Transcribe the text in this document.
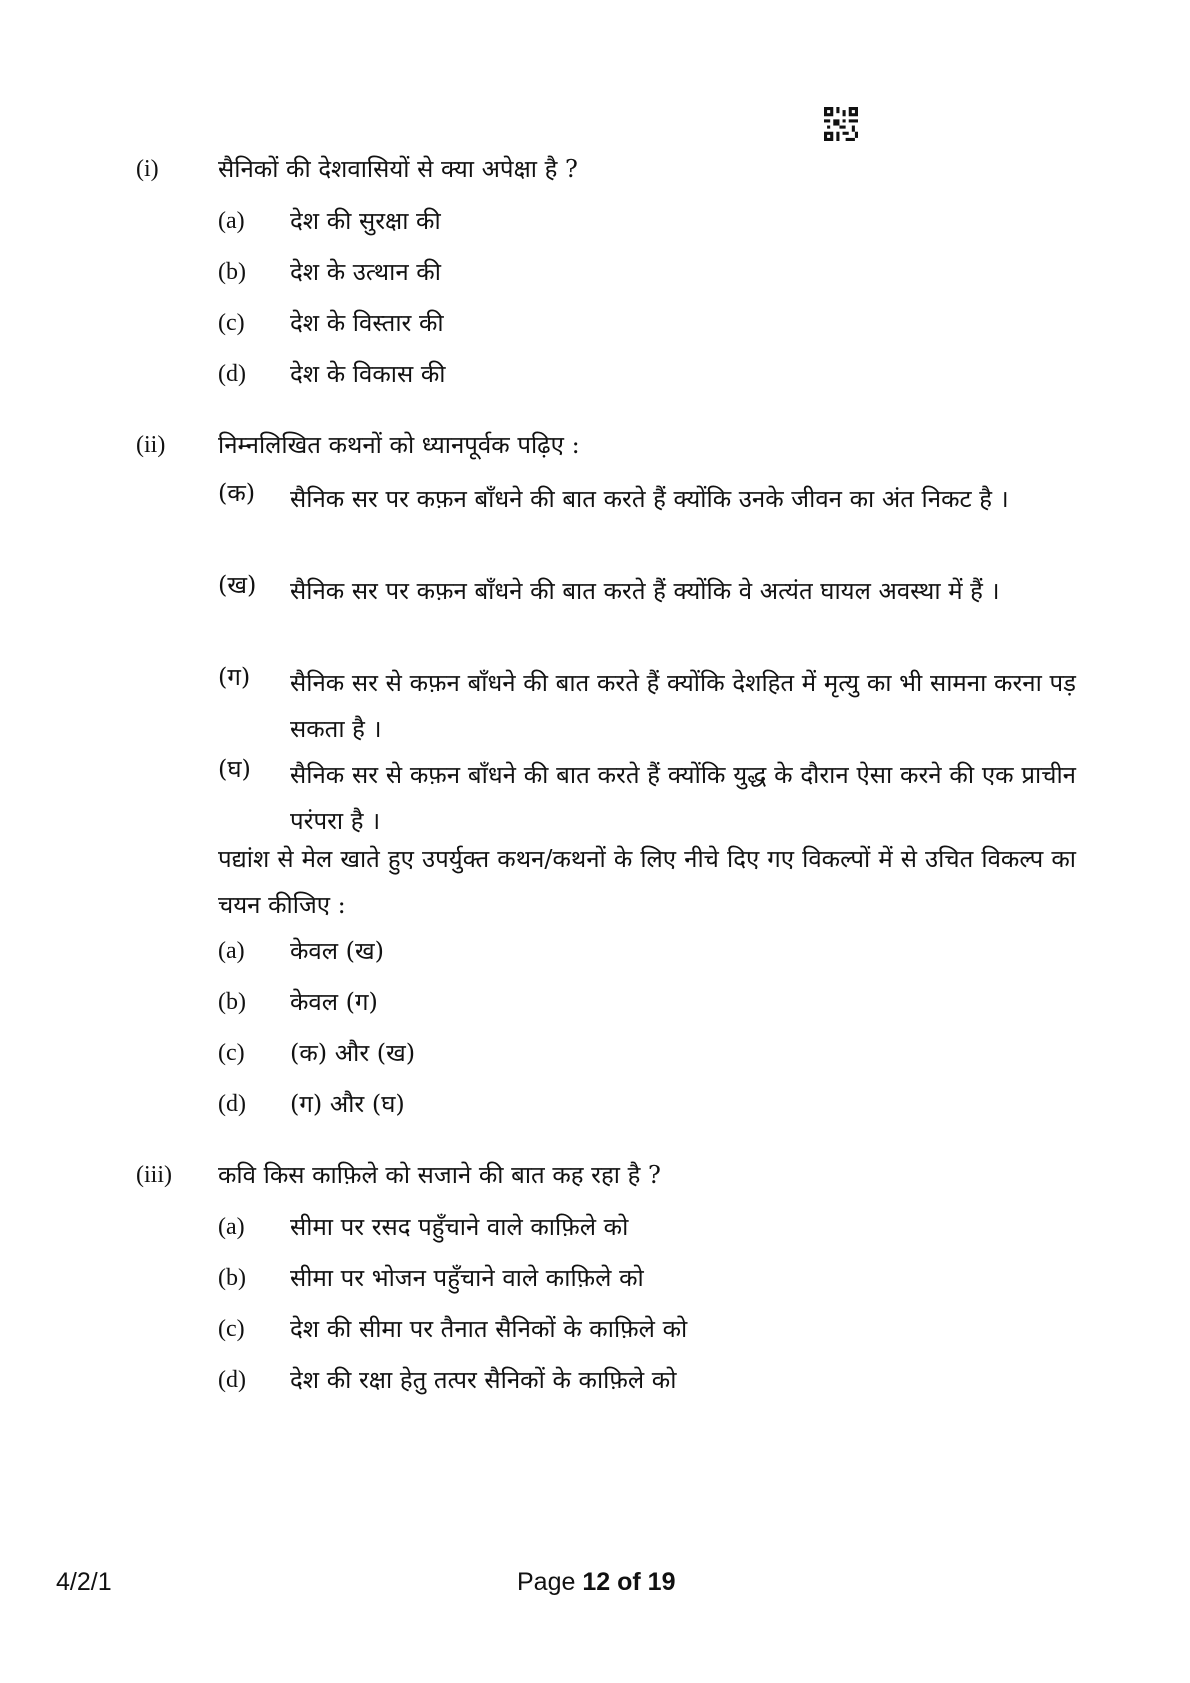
(i) सैनिकों की देशवासियों से क्या अपेक्षा है ?
(a) देश की सुरक्षा की
(b) देश के उत्थान की
(c) देश के विस्तार की
(d) देश के विकास की
(ii) निम्नलिखित कथनों को ध्यानपूर्वक पढ़िए :
(क) सैनिक सर पर कफ़न बाँधने की बात करते हैं क्योंकि उनके जीवन का अंत निकट है ।
(ख) सैनिक सर पर कफ़न बाँधने की बात करते हैं क्योंकि वे अत्यंत घायल अवस्था में हैं ।
(ग) सैनिक सर से कफ़न बाँधने की बात करते हैं क्योंकि देशहित में मृत्यु का भी सामना करना पड़ सकता है ।
(घ) सैनिक सर से कफ़न बाँधने की बात करते हैं क्योंकि युद्ध के दौरान ऐसा करने की एक प्राचीन परंपरा है ।
पद्यांश से मेल खाते हुए उपर्युक्त कथन/कथनों के लिए नीचे दिए गए विकल्पों में से उचित विकल्प का चयन कीजिए :
(a) केवल (ख)
(b) केवल (ग)
(c) (क) और (ख)
(d) (ग) और (घ)
(iii) कवि किस काफ़िले को सजाने की बात कह रहा है ?
(a) सीमा पर रसद पहुँचाने वाले काफ़िले को
(b) सीमा पर भोजन पहुँचाने वाले काफ़िले को
(c) देश की सीमा पर तैनात सैनिकों के काफ़िले को
(d) देश की रक्षा हेतु तत्पर सैनिकों के काफ़िले को
4/2/1	Page 12 of 19
